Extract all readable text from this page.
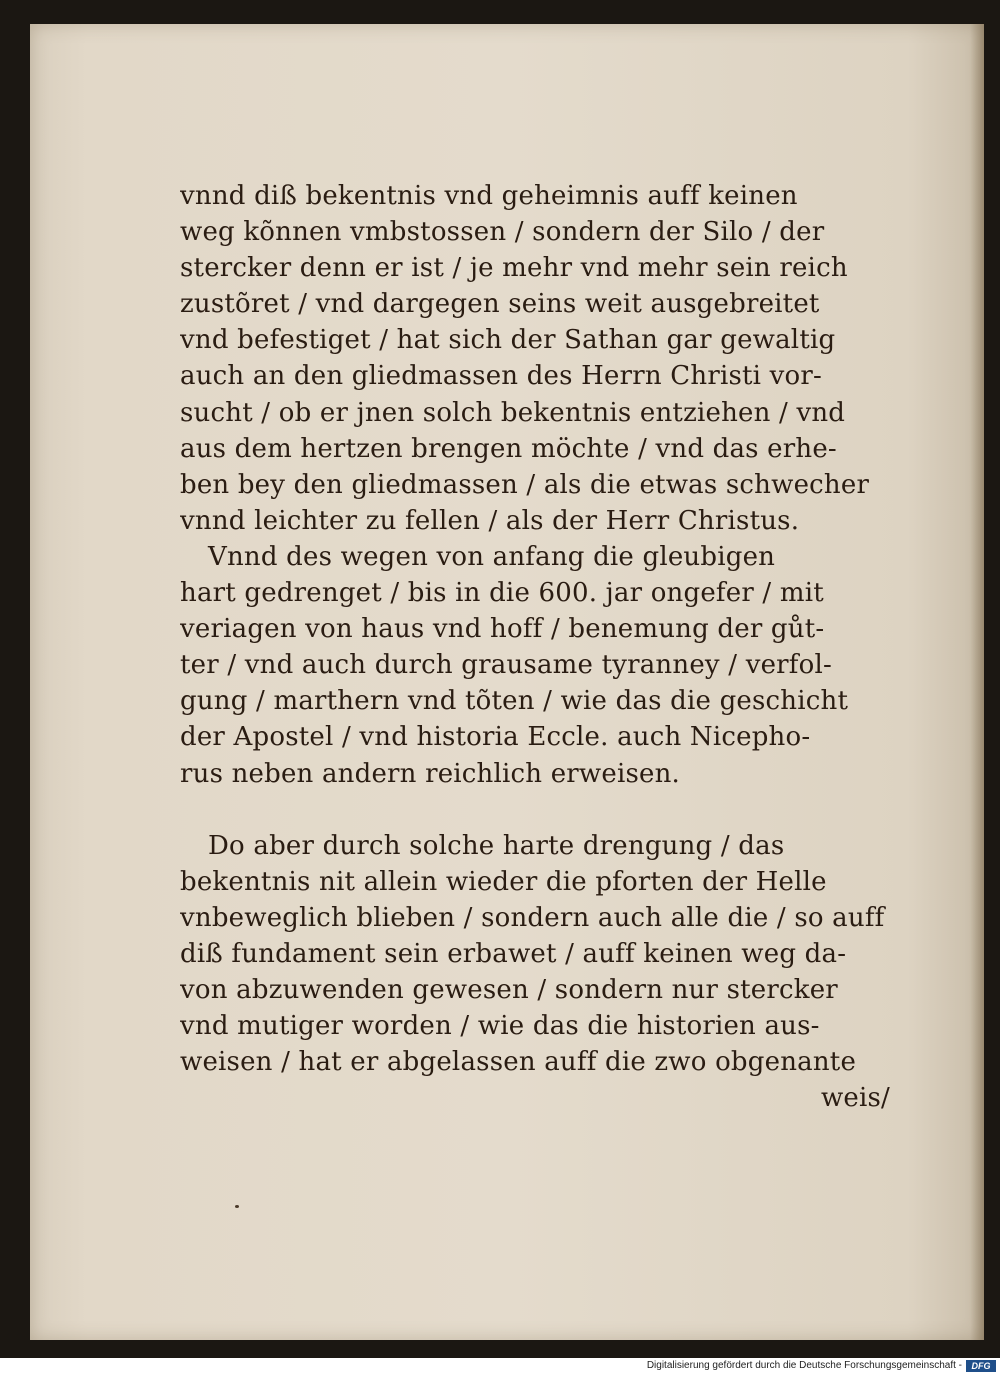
vnnd diß bekentnis vnd geheimnis auff keinen
weg kõnnen vmbstossen / sondern der Silo / der
stercker denn er ist / je mehr vnd mehr sein reich
zustõret / vnd dargegen seins weit ausgebreitet
vnd befestiget / hat sich der Sathan gar gewaltig
auch an den gliedmassen des Herrn Christi vor-
sucht / ob er jnen solch bekentnis entziehen / vnd
aus dem hertzen brengen möchte / vnd das erhe-
ben bey den gliedmassen / als die etwas schwecher
vnnd leichter zu fellen / als der Herr Christus.
Vnnd des wegen von anfang die gleubigen
hart gedrenget / bis in die 600. jar ongefer / mit
veriagen von haus vnd hoff / benemung der gůt-
ter / vnd auch durch grausame tyranney / verfol-
gung / marthern vnd tõten / wie das die geschicht
der Apostel / vnd historia Eccle. auch Nicepho-
rus neben andern reichlich erweisen.
Do aber durch solche harte drengung / das
bekentnis nit allein wieder die pforten der Helle
vnbeweglich blieben / sondern auch alle die / so auff
diß fundament sein erbawet / auff keinen weg da-
von abzuwenden gewesen / sondern nur stercker
vnd mutiger worden / wie das die historien aus-
weisen / hat er abgelassen auff die zwo obgenante
weis/
Digitalisierung gefördert durch die Deutsche Forschungsgemeinschaft -	DFG
